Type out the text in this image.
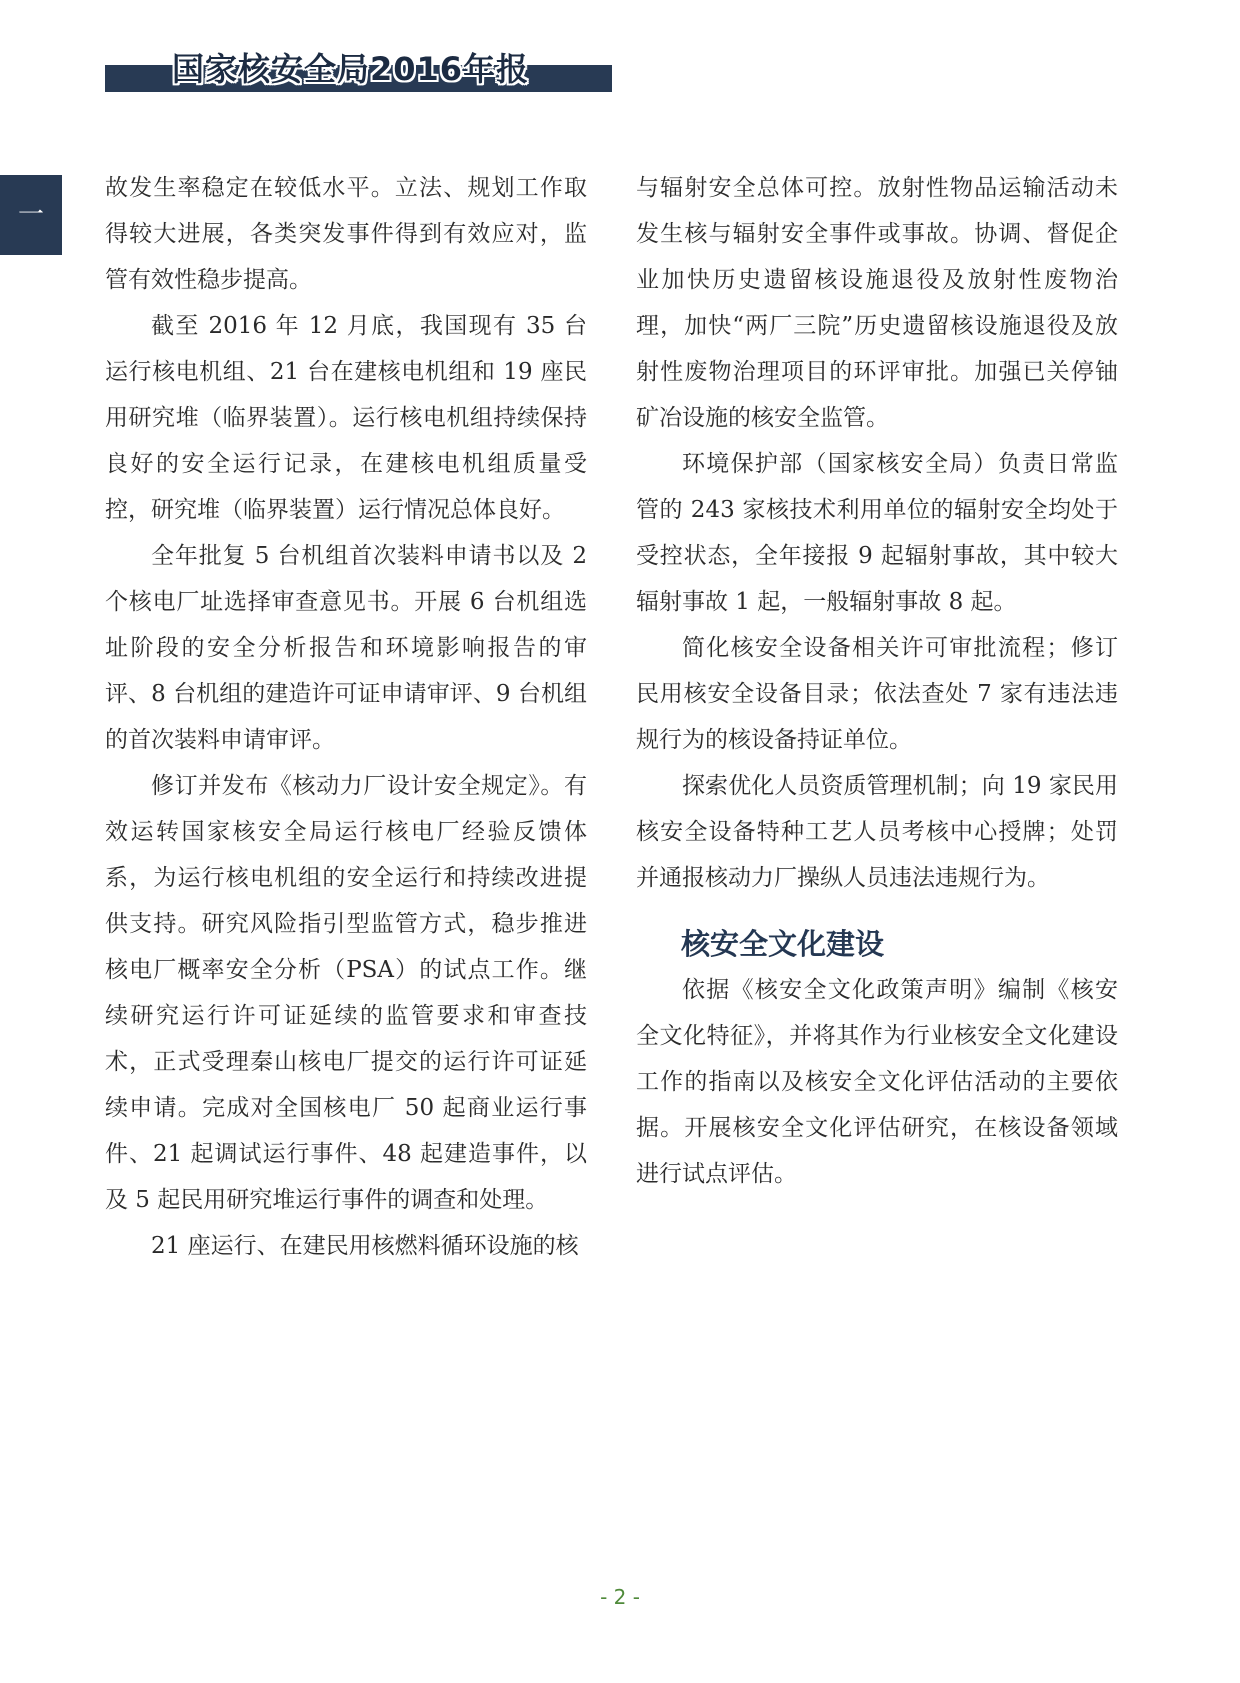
国家核安全局2016年报
一

故发生率稳定在较低水平。立法、规划工作取得较大进展，各类突发事件得到有效应对，监管有效性稳步提高。

截至 2016 年 12 月底，我国现有 35 台运行核电机组、21 台在建核电机组和 19 座民用研究堆（临界装置）。运行核电机组持续保持良好的安全运行记录，在建核电机组质量受控，研究堆（临界装置）运行情况总体良好。

全年批复 5 台机组首次装料申请书以及 2 个核电厂址选择审查意见书。开展 6 台机组选址阶段的安全分析报告和环境影响报告的审评、8 台机组的建造许可证申请审评、9 台机组的首次装料申请审评。

修订并发布《核动力厂设计安全规定》。有效运转国家核安全局运行核电厂经验反馈体系，为运行核电机组的安全运行和持续改进提供支持。研究风险指引型监管方式，稳步推进核电厂概率安全分析（PSA）的试点工作。继续研究运行许可证延续的监管要求和审查技术，正式受理秦山核电厂提交的运行许可证延续申请。完成对全国核电厂 50 起商业运行事件、21 起调试运行事件、48 起建造事件，以及 5 起民用研究堆运行事件的调查和处理。

21 座运行、在建民用核燃料循环设施的核

与辐射安全总体可控。放射性物品运输活动未发生核与辐射安全事件或事故。协调、督促企业加快历史遗留核设施退役及放射性废物治理，加快“两厂三院”历史遗留核设施退役及放射性废物治理项目的环评审批。加强已关停铀矿冶设施的核安全监管。

环境保护部（国家核安全局）负责日常监管的 243 家核技术利用单位的辐射安全均处于受控状态，全年接报 9 起辐射事故，其中较大辐射事故 1 起，一般辐射事故 8 起。

简化核安全设备相关许可审批流程；修订民用核安全设备目录；依法查处 7 家有违法违规行为的核设备持证单位。

探索优化人员资质管理机制；向 19 家民用核安全设备特种工艺人员考核中心授牌；处罚并通报核动力厂操纵人员违法违规行为。

核安全文化建设

依据《核安全文化政策声明》编制《核安全文化特征》，并将其作为行业核安全文化建设工作的指南以及核安全文化评估活动的主要依据。开展核安全文化评估研究，在核设备领域进行试点评估。

- 2 -
